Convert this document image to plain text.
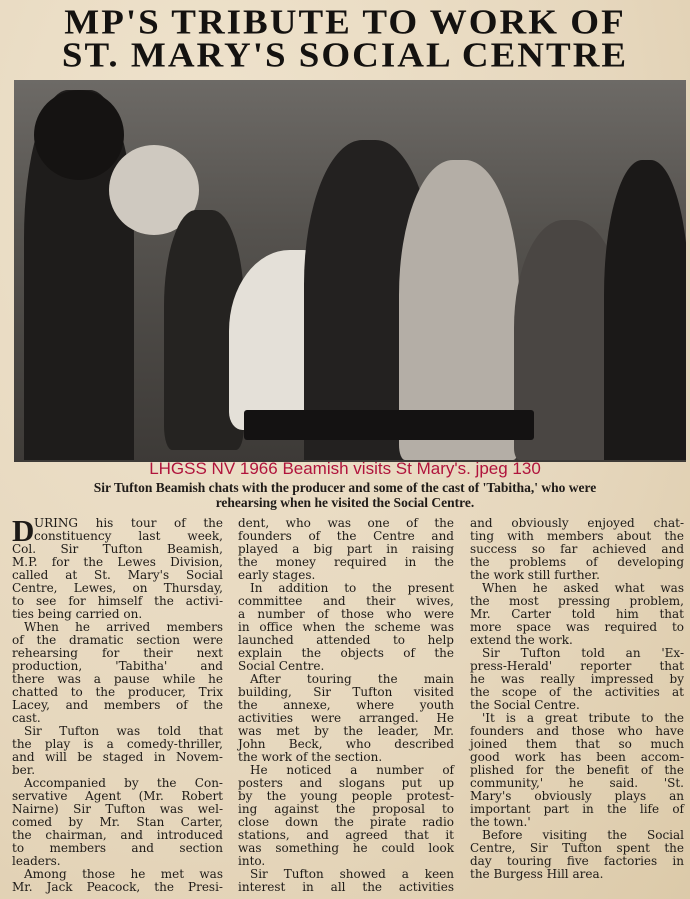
MP'S TRIBUTE TO WORK OF
ST. MARY'S SOCIAL CENTRE
LHGSS NV 1966 Beamish visits St Mary's. jpeg 130
Sir Tufton Beamish chats with the producer and some of the cast of 'Tabitha,' who were
rehearsing when he visited the Social Centre.
D URING his tour of the
constituency last week,
Col. Sir Tufton Beamish,
M.P. for the Lewes Division,
called at St. Mary's Social
Centre, Lewes, on Thursday,
to see for himself the activi-
ties being carried on.
When he arrived members
of the dramatic section were
rehearsing for their next
production, 'Tabitha' and
there was a pause while he
chatted to the producer, Trix
Lacey, and members of the
cast.
Sir Tufton was told that
the play is a comedy-thriller,
and will be staged in Novem-
ber.
Accompanied by the Con-
servative Agent (Mr. Robert
Nairne) Sir Tufton was wel-
comed by Mr. Stan Carter,
the chairman, and introduced
to members and section
leaders.
Among those he met was
Mr. Jack Peacock, the Presi-
dent, who was one of the
founders of the Centre and
played a big part in raising
the money required in the
early stages.
In addition to the present
committee and their wives,
a number of those who were
in office when the scheme was
launched attended to help
explain the objects of the
Social Centre.
After touring the main
building, Sir Tufton visited
the annexe, where youth
activities were arranged. He
was met by the leader, Mr.
John Beck, who described
the work of the section.
He noticed a number of
posters and slogans put up
by the young people protest-
ing against the proposal to
close down the pirate radio
stations, and agreed that it
was something he could look
into.
Sir Tufton showed a keen
interest in all the activities
and obviously enjoyed chat-
ting with members about the
success so far achieved and
the problems of developing
the work still further.
When he asked what was
the most pressing problem,
Mr. Carter told him that
more space was required to
extend the work.
Sir Tufton told an 'Ex-
press-Herald' reporter that
he was really impressed by
the scope of the activities at
the Social Centre.
'It is a great tribute to the
founders and those who have
joined them that so much
good work has been accom-
plished for the benefit of the
community,' he said. 'St.
Mary's obviously plays an
important part in the life of
the town.'
Before visiting the Social
Centre, Sir Tufton spent the
day touring five factories in
the Burgess Hill area.
